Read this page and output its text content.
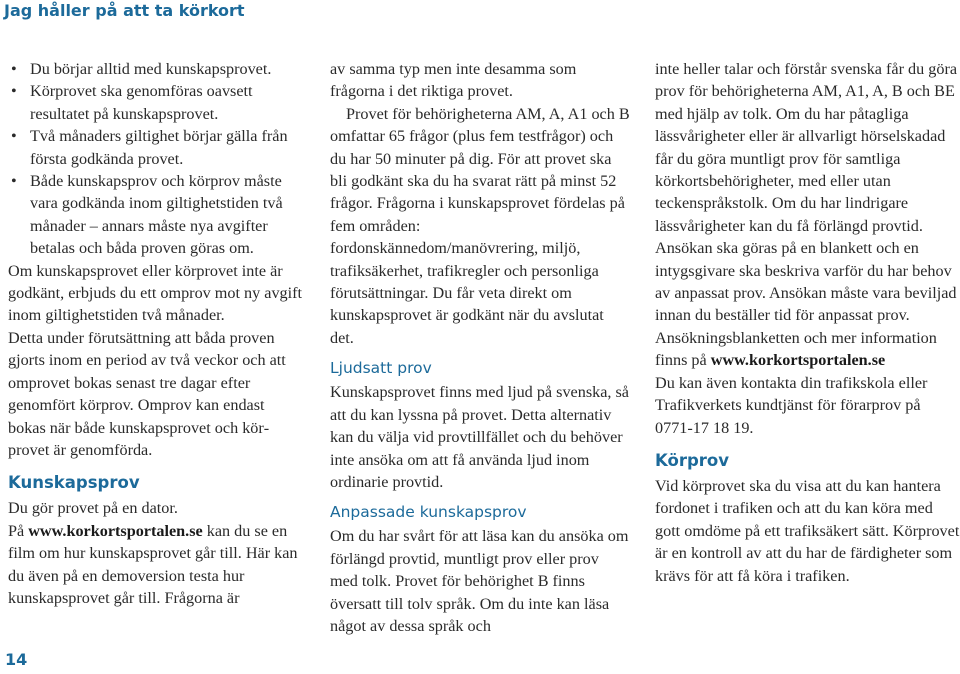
Jag håller på att ta körkort
• Du börjar alltid med kunskapsprovet.
• Körprovet ska genomföras oavsett resultatet på kunskapsprovet.
• Två månaders giltighet börjar gälla från första godkända provet.
• Både kunskapsprov och körprov måste vara godkända inom giltighetstiden två månader – annars måste nya avgifter betalas och båda proven göras om.

Om kunskapsprovet eller körprovet inte är godkänt, erbjuds du ett omprov mot ny avgift inom giltighetstiden två månader.

Detta under förutsättning att båda proven gjorts inom en period av två veckor och att omprovet bokas senast tre dagar efter genomfört körprov. Omprov kan endast bokas när både kunskapsprovet och körprovet är genomförda.

Kunskapsprov

Du gör provet på en dator.

På www.korkortsportalen.se kan du se en film om hur kunskapsprovet går till. Här kan du även på en demoversion testa hur kunskapsprovet går till. Frågorna är

av samma typ men inte desamma som frågorna i det riktiga provet.

Provet för behörigheterna AM, A, A1 och B omfattar 65 frågor (plus fem testfrågor) och du har 50 minuter på dig. För att provet ska bli godkänt ska du ha svarat rätt på minst 52 frågor. Frågorna i kunskapsprovet fördelas på fem områden: fordonskännedom/manövrering, miljö, trafiksäkerhet, trafikregler och personliga förutsättningar. Du får veta direkt om kunskapsprovet är godkänt när du avslutat det.

Ljudsatt prov

Kunskapsprovet finns med ljud på svenska, så att du kan lyssna på provet. Detta alternativ kan du välja vid provtillfället och du behöver inte ansöka om att få använda ljud inom ordinarie provtid.

Anpassade kunskapsprov

Om du har svårt för att läsa kan du ansöka om förlängd provtid, muntligt prov eller prov med tolk. Provet för behörighet B finns översatt till tolv språk. Om du inte kan läsa något av dessa språk och

inte heller talar och förstår svenska får du göra prov för behörigheterna AM, A1, A, B och BE med hjälp av tolk. Om du har påtagliga lässvårigheter eller är allvarligt hörselskadad får du göra muntligt prov för samtliga körkortsbehörigheter, med eller utan teckenspråkstolk. Om du har lindrigare lässvårigheter kan du få förlängd provtid. Ansökan ska göras på en blankett och en intygsgivare ska beskriva varför du har behov av anpassat prov. Ansökan måste vara beviljad innan du beställer tid för anpassat prov.

Ansökningsblanketten och mer information finns på www.korkortsportalen.se

Du kan även kontakta din trafikskola eller Trafikverkets kundtjänst för förarprov på 0771-17 18 19.

Körprov

Vid körprovet ska du visa att du kan hantera fordonet i trafiken och att du kan köra med gott omdöme på ett trafiksäkert sätt. Körprovet är en kontroll av att du har de färdigheter som krävs för att få köra i trafiken.

14
